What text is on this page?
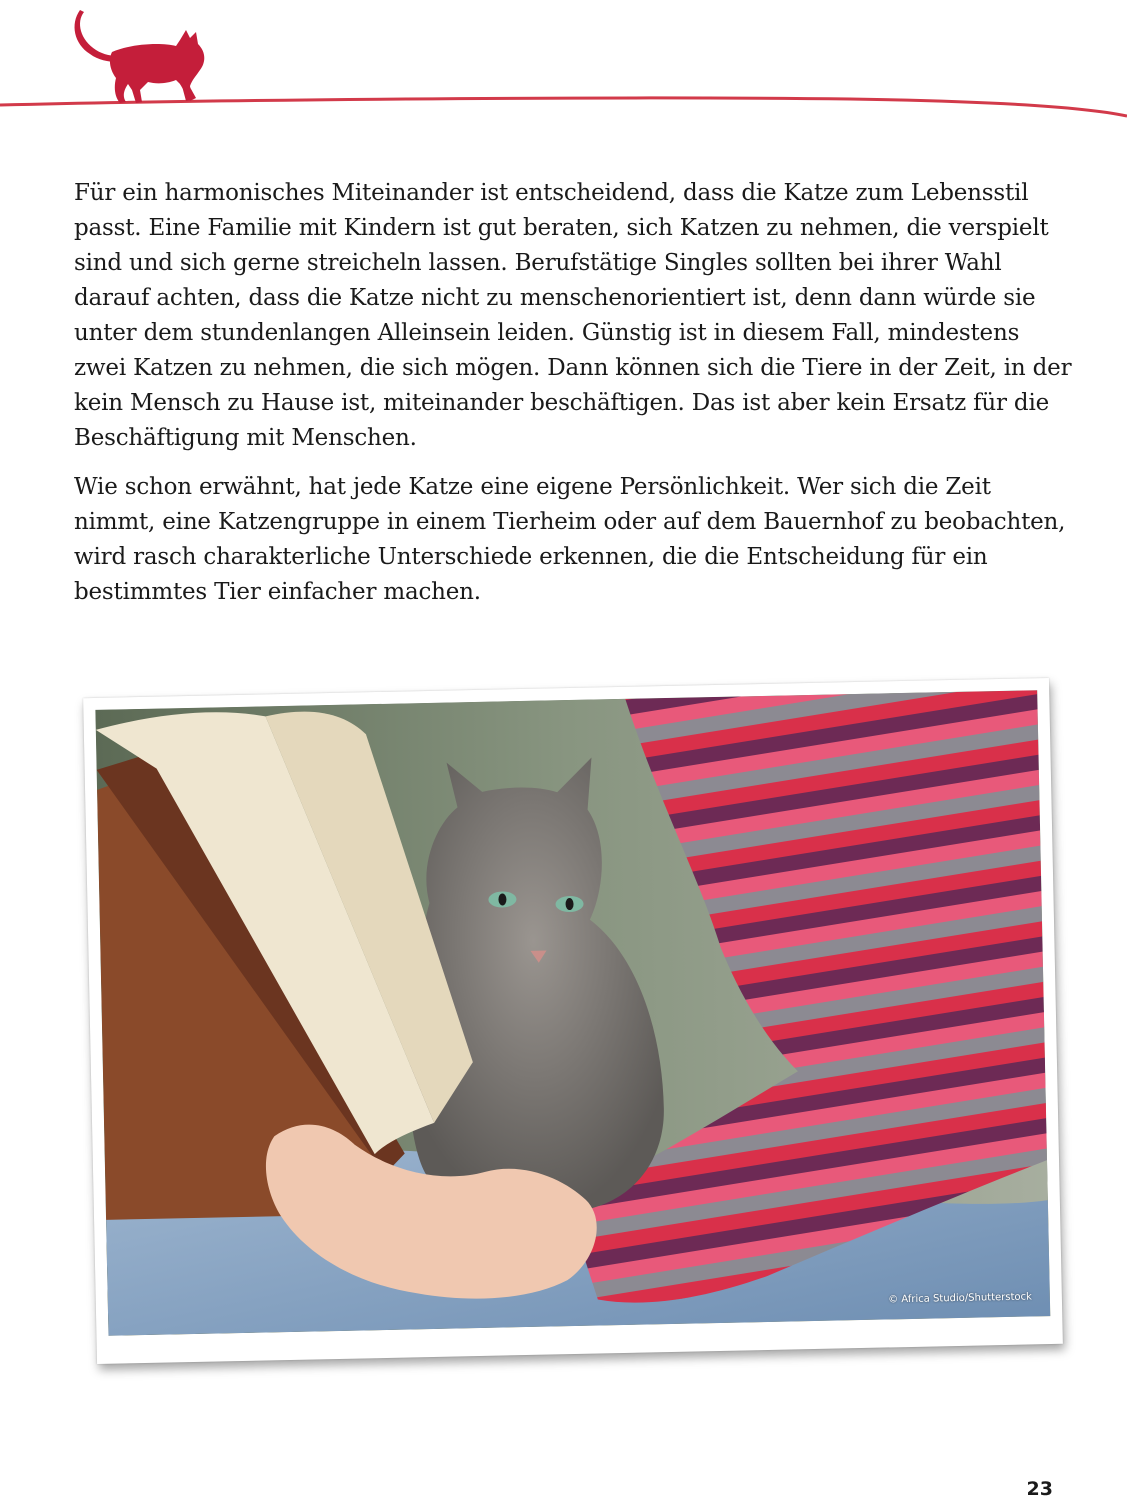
Für ein harmonisches Miteinander ist entscheidend, dass die Katze zum Lebensstil passt. Eine Familie mit Kindern ist gut beraten, sich Katzen zu nehmen, die verspielt sind und sich gerne streicheln lassen. Berufstätige Singles sollten bei ihrer Wahl darauf achten, dass die Katze nicht zu menschenorientiert ist, denn dann würde sie unter dem stundenlangen Alleinsein leiden. Günstig ist in diesem Fall, mindestens zwei Katzen zu nehmen, die sich mögen. Dann können sich die Tiere in der Zeit, in der kein Mensch zu Hause ist, miteinander beschäftigen. Das ist aber kein Ersatz für die Beschäftigung mit Menschen.

Wie schon erwähnt, hat jede Katze eine eigene Persönlichkeit. Wer sich die Zeit nimmt, eine Katzengruppe in einem Tierheim oder auf dem Bauernhof zu beobachten, wird rasch charakterliche Unterschiede erkennen, die die Entscheidung für ein bestimmtes Tier einfacher machen.

© Africa Studio/Shutterstock
23
